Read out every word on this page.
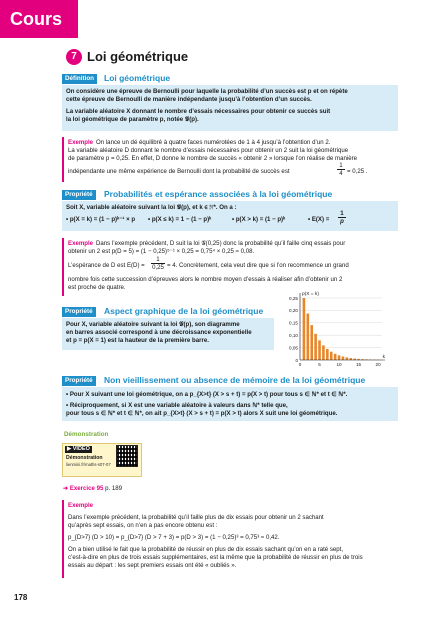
Cours
7 Loi géométrique
Définition	Loi géométrique
On considère une épreuve de Bernoulli pour laquelle la probabilité d’un succès est p et on répète
cette épreuve de Bernoulli de manière indépendante jusqu’à l’obtention d’un succès.
La variable aléatoire X donnant le nombre d’essais nécessaires pour obtenir ce succès suit
la loi géométrique de paramètre p, notée 𝒢(p).
Exemple On lance un dé équilibré à quatre faces numérotées de 1 à 4 jusqu’à l’obtention d’un 2.
La variable aléatoire D donnant le nombre d’essais nécessaires pour obtenir un 2 suit la loi géométrique
de paramètre p = 0,25. En effet, D donne le nombre de succès « obtenir 2 » lorsque l’on réalise de manière
indépendante une même expérience de Bernoulli dont la probabilité de succès est
1
4 = 0,25 .
Propriété	Probabilités et espérance associées à la loi géométrique
Soit X, variable aléatoire suivant la loi 𝒢(p), et k ∈ ℕ*. On a :
• p(X = k) = (1 − p)ᵏ⁻¹ × p • p(X ≤ k) = 1 − (1 − p)ᵏ	• p(X > k) = (1 − p)ᵏ	• E(X) =
1
p
Exemple Dans l’exemple précédent, D suit la loi 𝒢(0,25) donc la probabilité qu’il faille cinq essais pour
obtenir un 2 est p(D = 5) = (1 − 0,25)⁵⁻¹ × 0,25 = 0,75⁴ × 0,25 ≈ 0,08.
L’espérance de D est E(D) =
1
0,25 = 4. Concrètement, cela veut dire que si l’on recommence un grand
nombre fois cette succession d’épreuves alors le nombre moyen d’essais à réaliser afin d’obtenir un 2
est proche de quatre.
Propriété	Aspect graphique de la loi géométrique
Pour X, variable aléatoire suivant la loi 𝒢(p), son diagramme
en barres associé correspond à une décroissance exponentielle
et p = p(X = 1) est la hauteur de la première barre.
0
0,05
0,10
0,15
0,20
0,25
0	5	10	15	20
p(X = k)
k
Propriété	Non vieillissement ou absence de mémoire de la loi géométrique
• Pour X suivant une loi géométrique, on a p_{X>t} (X > s + t) = p(X > t) pour tous s ∈ ℕ* et t ∈ ℕ*.
• Réciproquement, si X est une variable aléatoire à valeurs dans ℕ* telle que,
pour tous s ∈ ℕ* et t ∈ ℕ*, on ait p_{X>t} (X > s + t) = p(X > t) alors X suit une loi géométrique.
Démonstration
▶ VIDÉO
Démonstration
lienmini.fr/maths-s07-07
➜ Exercice 95 p. 189
Exemple
Dans l’exemple précédent, la probabilité qu’il faille plus de dix essais pour obtenir un 2 sachant
qu’après sept essais, on n’en a pas encore obtenu est :
p_{D>7} (D > 10) = p_{D>7} (D > 7 + 3) = p(D > 3) = (1 − 0,25)³ = 0,75³ ≈ 0,42.
On a bien utilisé le fait que la probabilité de réussir en plus de dix essais sachant qu’on en a raté sept,
c’est-à-dire en plus de trois essais supplémentaires, est la même que la probabilité de réussir en plus de trois
essais au départ : les sept premiers essais ont été « oubliés ».
178
